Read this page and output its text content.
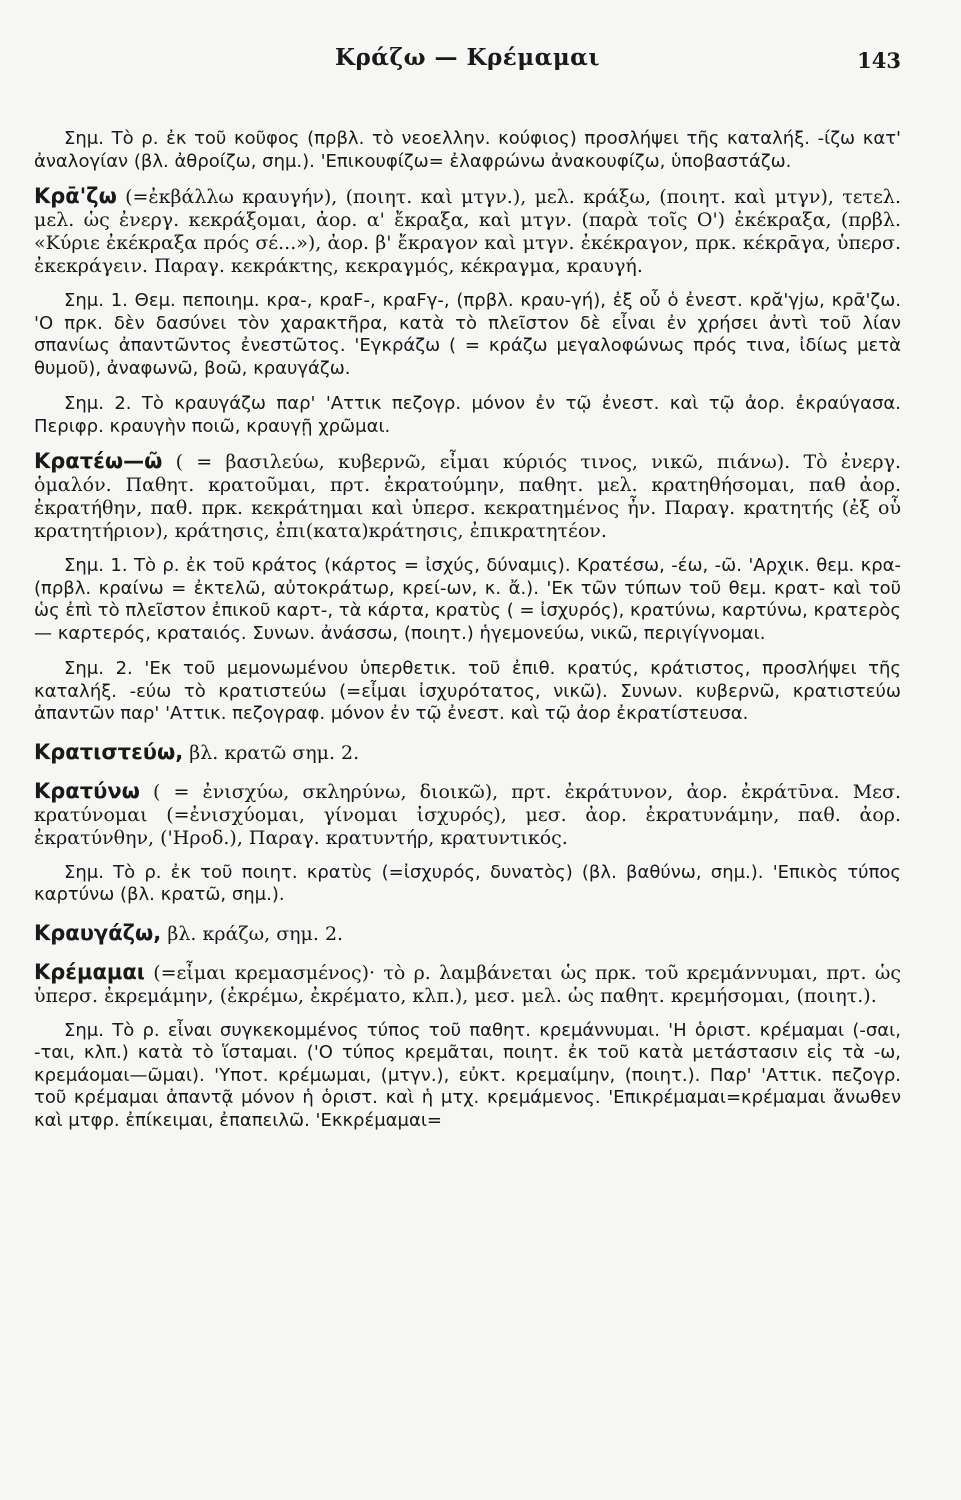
Κράζω — Κρέμαμαι	143

Σημ. Τὸ ρ. ἐκ τοῦ κοῦφος (πρβλ. τὸ νεοελλην. κούφιος) προσλήψει τῆς καταλήξ. -ίζω κατ' ἀναλογίαν (βλ. ἀθροίζω, σημ.). 'Επικουφίζω= ἐλαφρώνω ἀνακουφίζω, ὑποβαστάζω.

Κρᾱ'ζω (=ἐκβάλλω κραυγήν), (ποιητ. καὶ μτγν.), μελ. κράξω, (ποιητ. καὶ μτγν), τετελ. μελ. ὡς ἐνεργ. κεκράξομαι, ἀορ. α' ἔκραξα, καὶ μτγν. (παρὰ τοῖς Ο') ἐκέκραξα, (πρβλ. «Κύριε ἐκέκραξα πρός σέ...»), ἀορ. β' ἔκραγον καὶ μτγν. ἐκέκραγον, πρκ. κέκρᾱγα, ὑπερσ. ἐκεκράγειν. Παραγ. κεκράκτης, κεκραγμός, κέκραγμα, κραυγή.

Σημ. 1. Θεμ. πεποιημ. κρα-, κραϜ-, κραϜγ-, (πρβλ. κραυ-γή), ἐξ οὗ ὁ ἐνεστ. κρᾰ'γjω, κρᾱ'ζω. 'Ο πρκ. δὲν δασύνει τὸν χαρακτῆρα, κατὰ τὸ πλεῖστον δὲ εἶναι ἐν χρήσει ἀντὶ τοῦ λίαν σπανίως ἀπαντῶντος ἐνεστῶτος. 'Εγκράζω ( = κράζω μεγαλοφώνως πρός τινα, ἰδίως μετὰ θυμοῦ), ἀναφωνῶ, βοῶ, κραυγάζω.

Σημ. 2. Τὸ κραυγάζω παρ' 'Αττικ πεζογρ. μόνον ἐν τῷ ἐνεστ. καὶ τῷ ἀορ. ἐκραύγασα. Περιφρ. κραυγὴν ποιῶ, κραυγῇ χρῶμαι.

Κρατέω—ῶ ( = βασιλεύω, κυβερνῶ, εἶμαι κύριός τινος, νικῶ, πιάνω). Τὸ ἐνεργ. ὁμαλόν. Παθητ. κρατοῦμαι, πρτ. ἐκρατούμην, παθητ. μελ. κρατηθήσομαι, παθ ἀορ. ἐκρατήθην, παθ. πρκ. κεκράτημαι καὶ ὑπερσ. κεκρατημένος ἦν. Παραγ. κρατητής (ἐξ οὗ κρατητήριον), κράτησις, ἐπι(κατα)κράτησις, ἐπικρατητέον.

Σημ. 1. Τὸ ρ. ἐκ τοῦ κράτος (κάρτος = ἰσχύς, δύναμις). Κρατέσω, -έω, -ῶ. 'Αρχικ. θεμ. κρα- (πρβλ. κραίνω = ἐκτελῶ, αὐτοκράτωρ, κρεί-ων, κ. ἄ.). 'Εκ τῶν τύπων τοῦ θεμ. κρατ- καὶ τοῦ ὡς ἐπὶ τὸ πλεῖστον ἐπικοῦ καρτ-, τὰ κάρτα, κρατὺς ( = ἰσχυρός), κρατύνω, καρτύνω, κρατερὸς— καρτερός, κραταιός. Συνων. ἀνάσσω, (ποιητ.) ἡγεμονεύω, νικῶ, περιγίγνομαι.

Σημ. 2. 'Εκ τοῦ μεμονωμένου ὑπερθετικ. τοῦ ἐπιθ. κρατύς, κράτιστος, προσλήψει τῆς καταλήξ. -εύω τὸ κρατιστεύω (=εἶμαι ἰσχυρότατος, νικῶ). Συνων. κυβερνῶ, κρατιστεύω ἀπαντῶν παρ' 'Αττικ. πεζογραφ. μόνον ἐν τῷ ἐνεστ. καὶ τῷ ἀορ ἐκρατίστευσα.

Κρατιστεύω, βλ. κρατῶ σημ. 2.

Κρατύνω ( = ἐνισχύω, σκληρύνω, διοικῶ), πρτ. ἐκράτυνον, ἀορ. ἐκράτῡνα. Μεσ. κρατύνομαι (=ἐνισχύομαι, γίνομαι ἰσχυρός), μεσ. ἀορ. ἐκρατυνάμην, παθ. ἀορ. ἐκρατύνθην, ('Ηροδ.), Παραγ. κρατυντήρ, κρατυντικός.

Σημ. Τὸ ρ. ἐκ τοῦ ποιητ. κρατὺς (=ἰσχυρός, δυνατὸς) (βλ. βαθύνω, σημ.). 'Επικὸς τύπος καρτύνω (βλ. κρατῶ, σημ.).

Κραυγάζω, βλ. κράζω, σημ. 2.

Κρέμαμαι (=εἶμαι κρεμασμένος)· τὸ ρ. λαμβάνεται ὡς πρκ. τοῦ κρεμάννυμαι, πρτ. ὡς ὑπερσ. ἐκρεμάμην, (ἐκρέμω, ἐκρέματο, κλπ.), μεσ. μελ. ὡς παθητ. κρεμήσομαι, (ποιητ.).

Σημ. Τὸ ρ. εἶναι συγκεκομμένος τύπος τοῦ παθητ. κρεμάννυμαι. 'Η ὁριστ. κρέμαμαι (-σαι, -ται, κλπ.) κατὰ τὸ ἵσταμαι. ('Ο τύπος κρεμᾶται, ποιητ. ἐκ τοῦ κατὰ μετάστασιν εἰς τὰ -ω, κρεμάομαι—ῶμαι). 'Υποτ. κρέμωμαι, (μτγν.), εὐκτ. κρεμαίμην, (ποιητ.). Παρ' 'Αττικ. πεζογρ. τοῦ κρέμαμαι ἀπαντᾷ μόνον ἡ ὁριστ. καὶ ἡ μτχ. κρεμάμενος. 'Επικρέμαμαι=κρέμαμαι ἄνωθεν καὶ μτφρ. ἐπίκειμαι, ἐπαπειλῶ. 'Εκκρέμαμαι=
